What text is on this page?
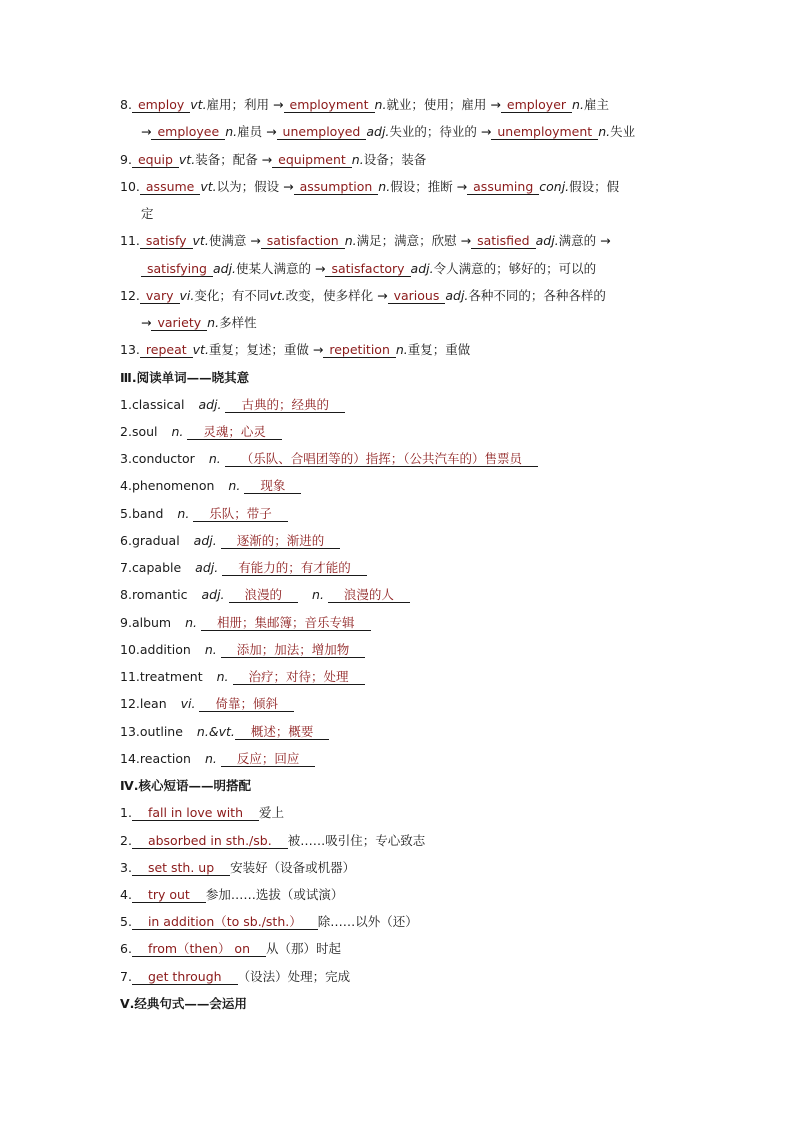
8. employ vt.雇用；利用 → employment n.就业；使用；雇用 → employer n.雇主
→ employee n.雇员 → unemployed adj.失业的；待业的 → unemployment n.失业
9. equip vt.装备；配备 → equipment n.设备；装备
10. assume vt.以为；假设 → assumption n.假设；推断 → assuming conj.假设；假
定
11. satisfy vt.使满意 → satisfaction n.满足；满意；欣慰 → satisfied adj.满意的 →
satisfying adj.使某人满意的 → satisfactory adj.令人满意的；够好的；可以的
12. vary vi.变化；有不同vt.改变，使多样化 → various adj.各种不同的；各种各样的
→ variety n.多样性
13. repeat vt.重复；复述；重做 → repetition n.重复；重做
Ⅲ.阅读单词——晓其意
1.classical adj. 古典的；经典的
2.soul n. 灵魂；心灵
3.conductor n. （乐队、合唱团等的）指挥；（公共汽车的）售票员
4.phenomenon n. 现象
5.band n. 乐队；带子
6.gradual adj. 逐渐的；渐进的
7.capable adj. 有能力的；有才能的
8.romantic adj. 浪漫的 n. 浪漫的人
9.album n. 相册；集邮簿；音乐专辑
10.addition n. 添加；加法；增加物
11.treatment n. 治疗；对待；处理
12.lean vi. 倚靠；倾斜
13.outline n.&vt. 概述；概要
14.reaction n. 反应；回应
Ⅳ.核心短语——明搭配
1. fall in love with 爱上
2. absorbed in sth./sb. 被……吸引住；专心致志
3. set sth. up 安装好（设备或机器）
4. try out 参加……选拔（或试演）
5. in addition（to sb./sth.） 除……以外（还）
6. from（then） on 从（那）时起
7. get through （设法）处理；完成
Ⅴ.经典句式——会运用
